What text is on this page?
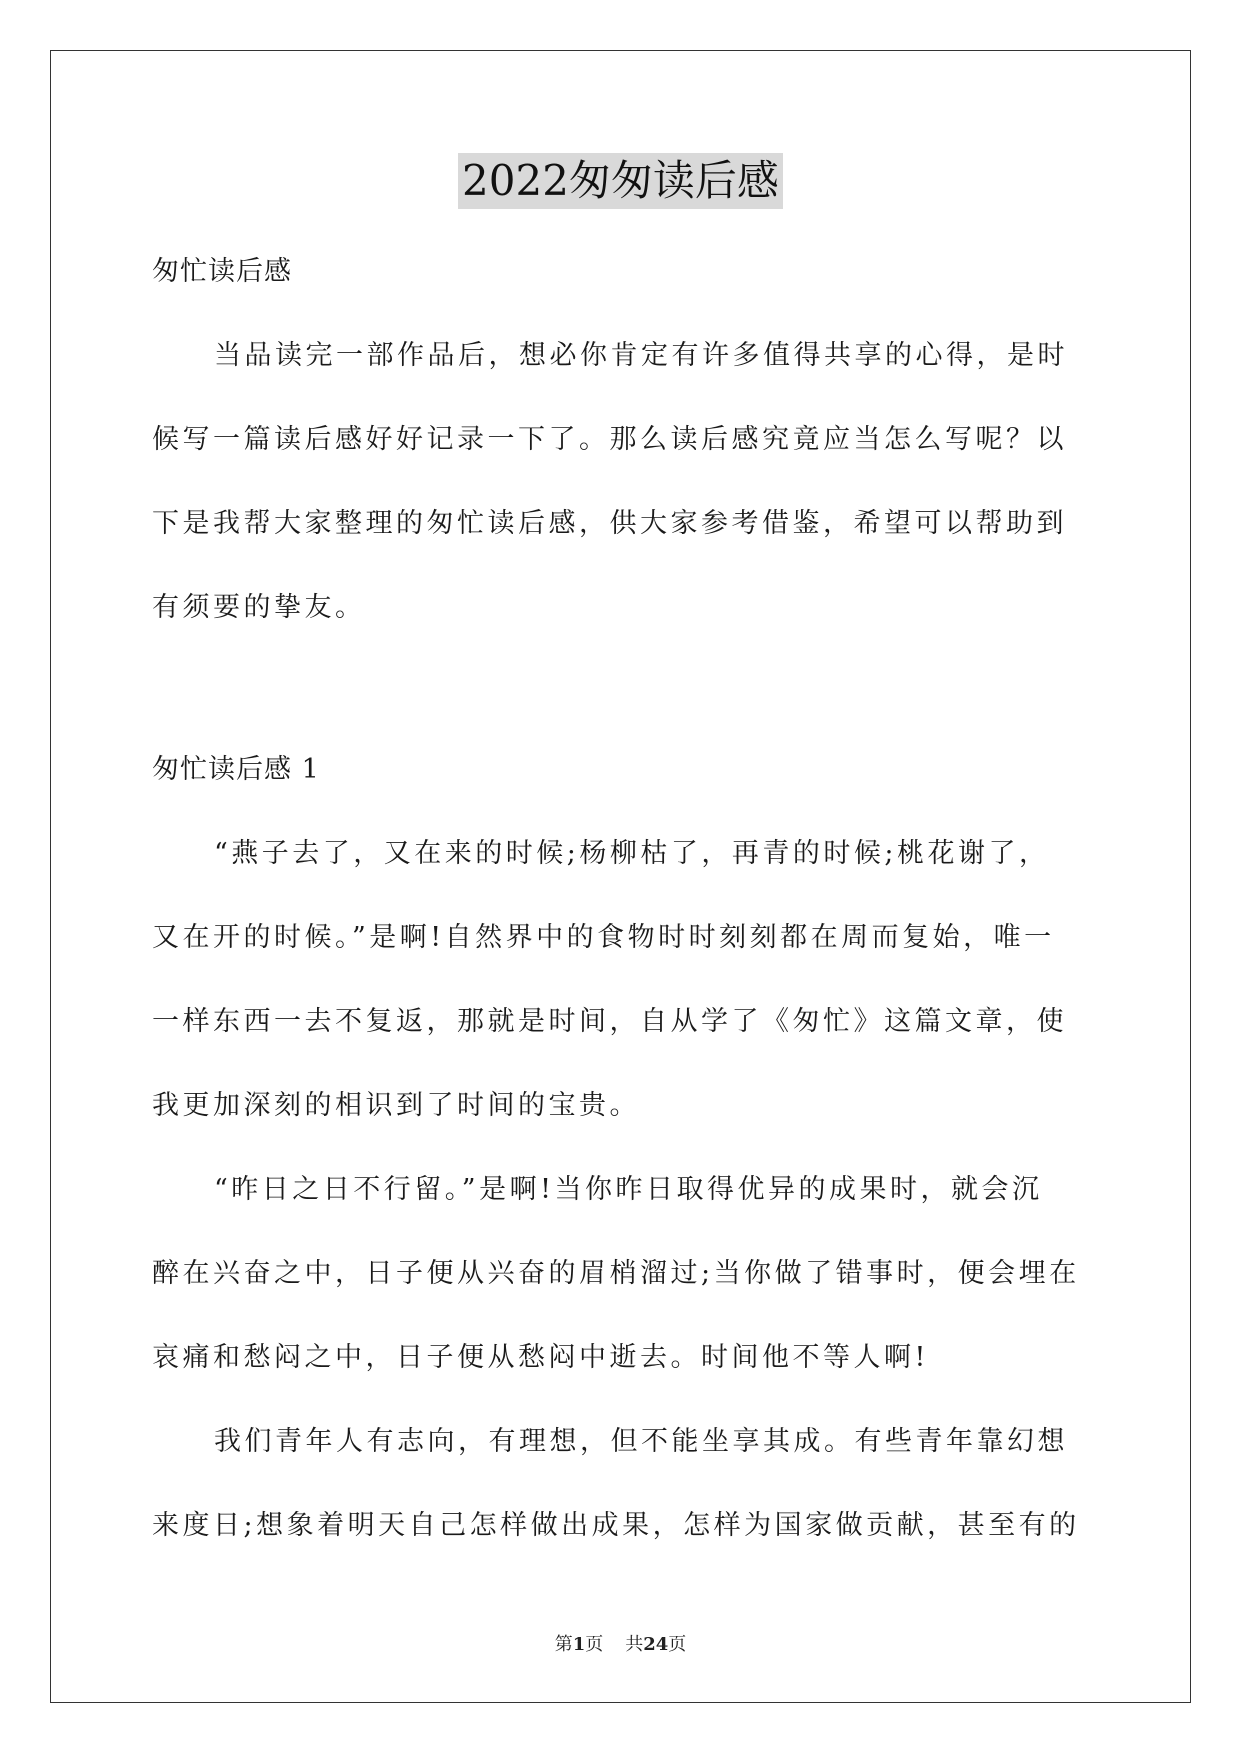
2022匆匆读后感
匆忙读后感
当品读完一部作品后，想必你肯定有许多值得共享的心得，是时
候写一篇读后感好好记录一下了。那么读后感究竟应当怎么写呢？以
下是我帮大家整理的匆忙读后感，供大家参考借鉴，希望可以帮助到
有须要的挚友。
匆忙读后感 1
“燕子去了，又在来的时候;杨柳枯了，再青的时候;桃花谢了，
又在开的时候。”是啊!自然界中的食物时时刻刻都在周而复始，唯一
一样东西一去不复返，那就是时间，自从学了《匆忙》这篇文章，使
我更加深刻的相识到了时间的宝贵。
“昨日之日不行留。”是啊!当你昨日取得优异的成果时，就会沉
醉在兴奋之中，日子便从兴奋的眉梢溜过;当你做了错事时，便会埋在
哀痛和愁闷之中，日子便从愁闷中逝去。时间他不等人啊!
我们青年人有志向，有理想，但不能坐享其成。有些青年靠幻想
来度日;想象着明天自己怎样做出成果，怎样为国家做贡献，甚至有的
第1页 共24页
